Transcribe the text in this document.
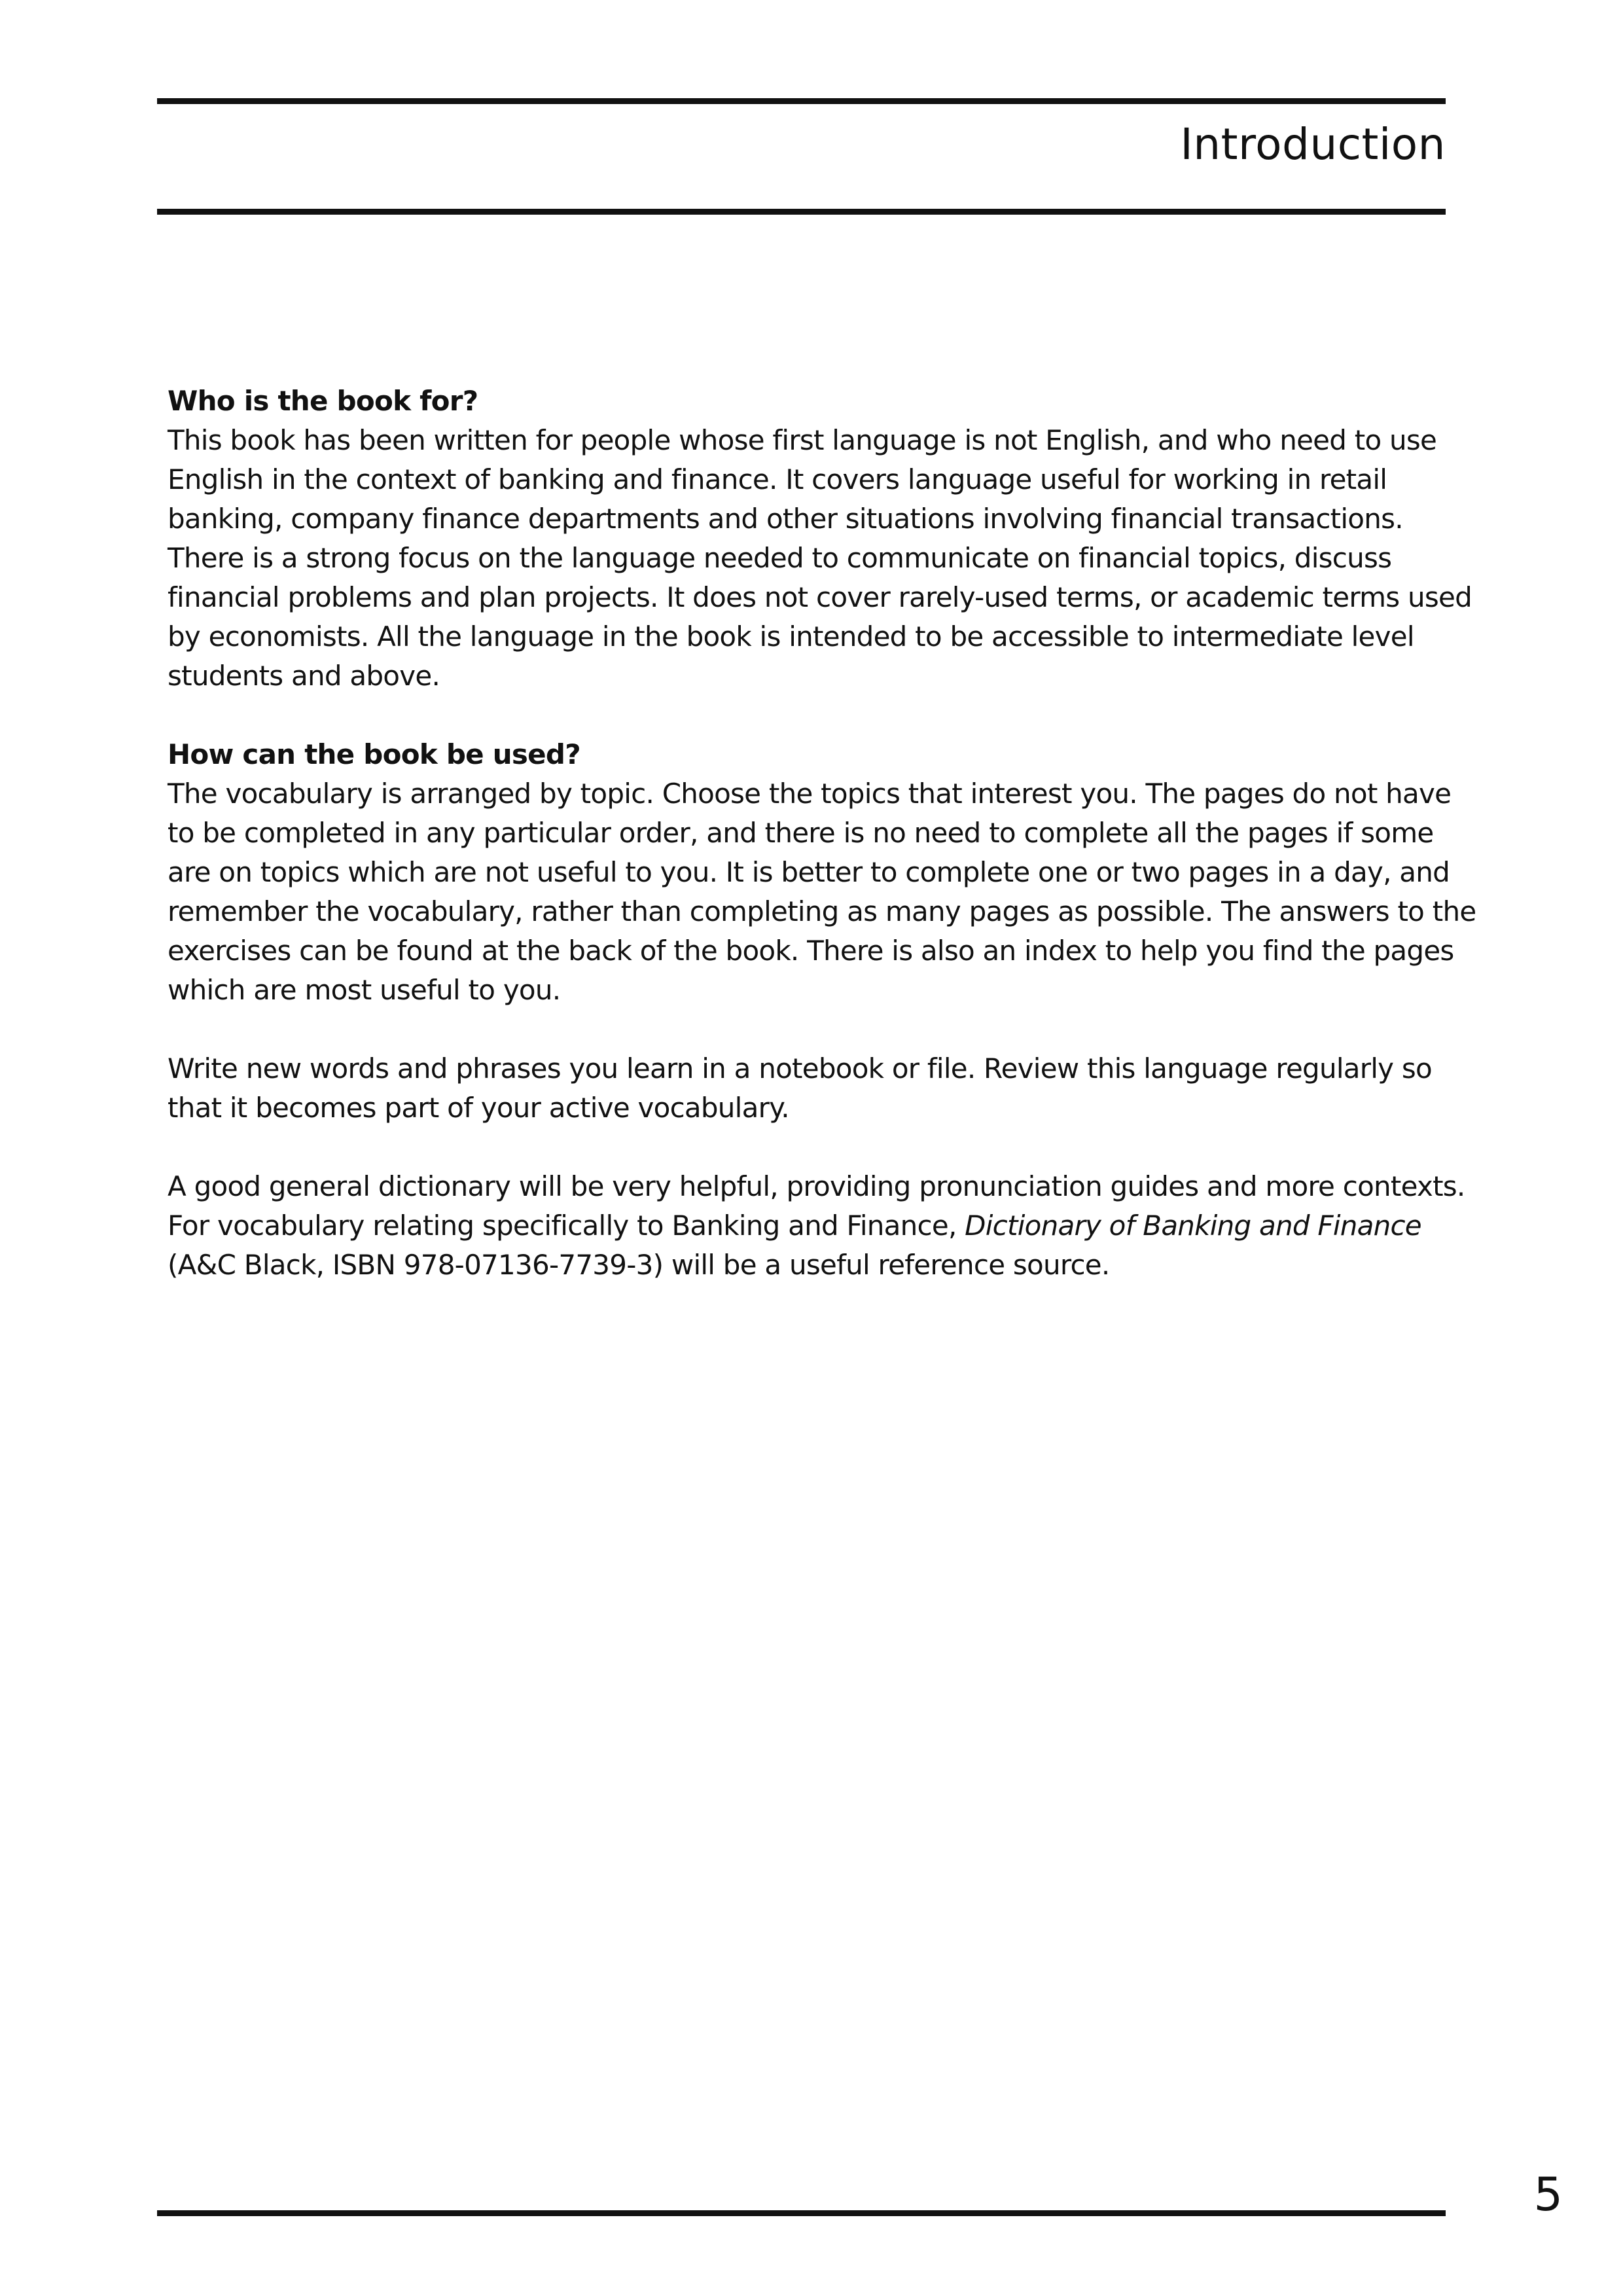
Introduction

Who is the book for?

This book has been written for people whose first language is not English, and who need to use
English in the context of banking and finance. It covers language useful for working in retail
banking, company finance departments and other situations involving financial transactions.
There is a strong focus on the language needed to communicate on financial topics, discuss
financial problems and plan projects. It does not cover rarely-used terms, or academic terms used
by economists. All the language in the book is intended to be accessible to intermediate level
students and above.

How can the book be used?

The vocabulary is arranged by topic. Choose the topics that interest you. The pages do not have
to be completed in any particular order, and there is no need to complete all the pages if some
are on topics which are not useful to you. It is better to complete one or two pages in a day, and
remember the vocabulary, rather than completing as many pages as possible. The answers to the
exercises can be found at the back of the book. There is also an index to help you find the pages
which are most useful to you.

Write new words and phrases you learn in a notebook or file. Review this language regularly so
that it becomes part of your active vocabulary.

A good general dictionary will be very helpful, providing pronunciation guides and more contexts.
For vocabulary relating specifically to Banking and Finance, Dictionary of Banking and Finance
(A&C Black, ISBN 978-07136-7739-3) will be a useful reference source.

5
